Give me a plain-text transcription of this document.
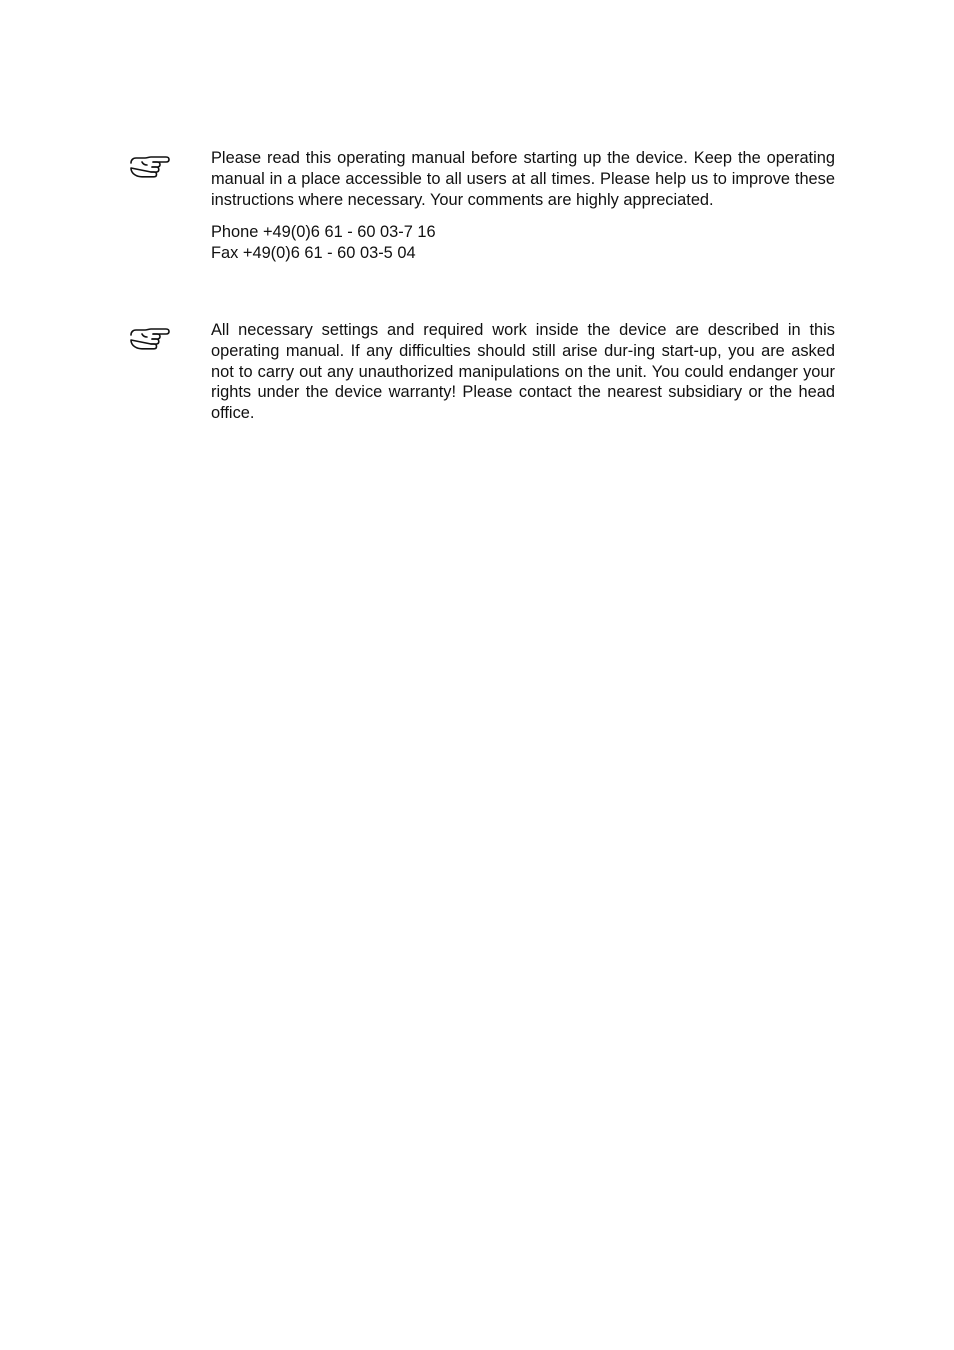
Please read this operating manual before starting up the device. Keep the operating manual in a place accessible to all users at all times. Please help us to improve these instructions where necessary. Your comments are highly appreciated.

Phone +49(0)6 61 - 60 03-7 16
Fax +49(0)6 61 - 60 03-5 04

All necessary settings and required work inside the device are described in this operating manual. If any difficulties should still arise dur-ing start-up, you are asked not to carry out any unauthorized manipulations on the unit. You could endanger your rights under the device warranty! Please contact the nearest subsidiary or the head office.
